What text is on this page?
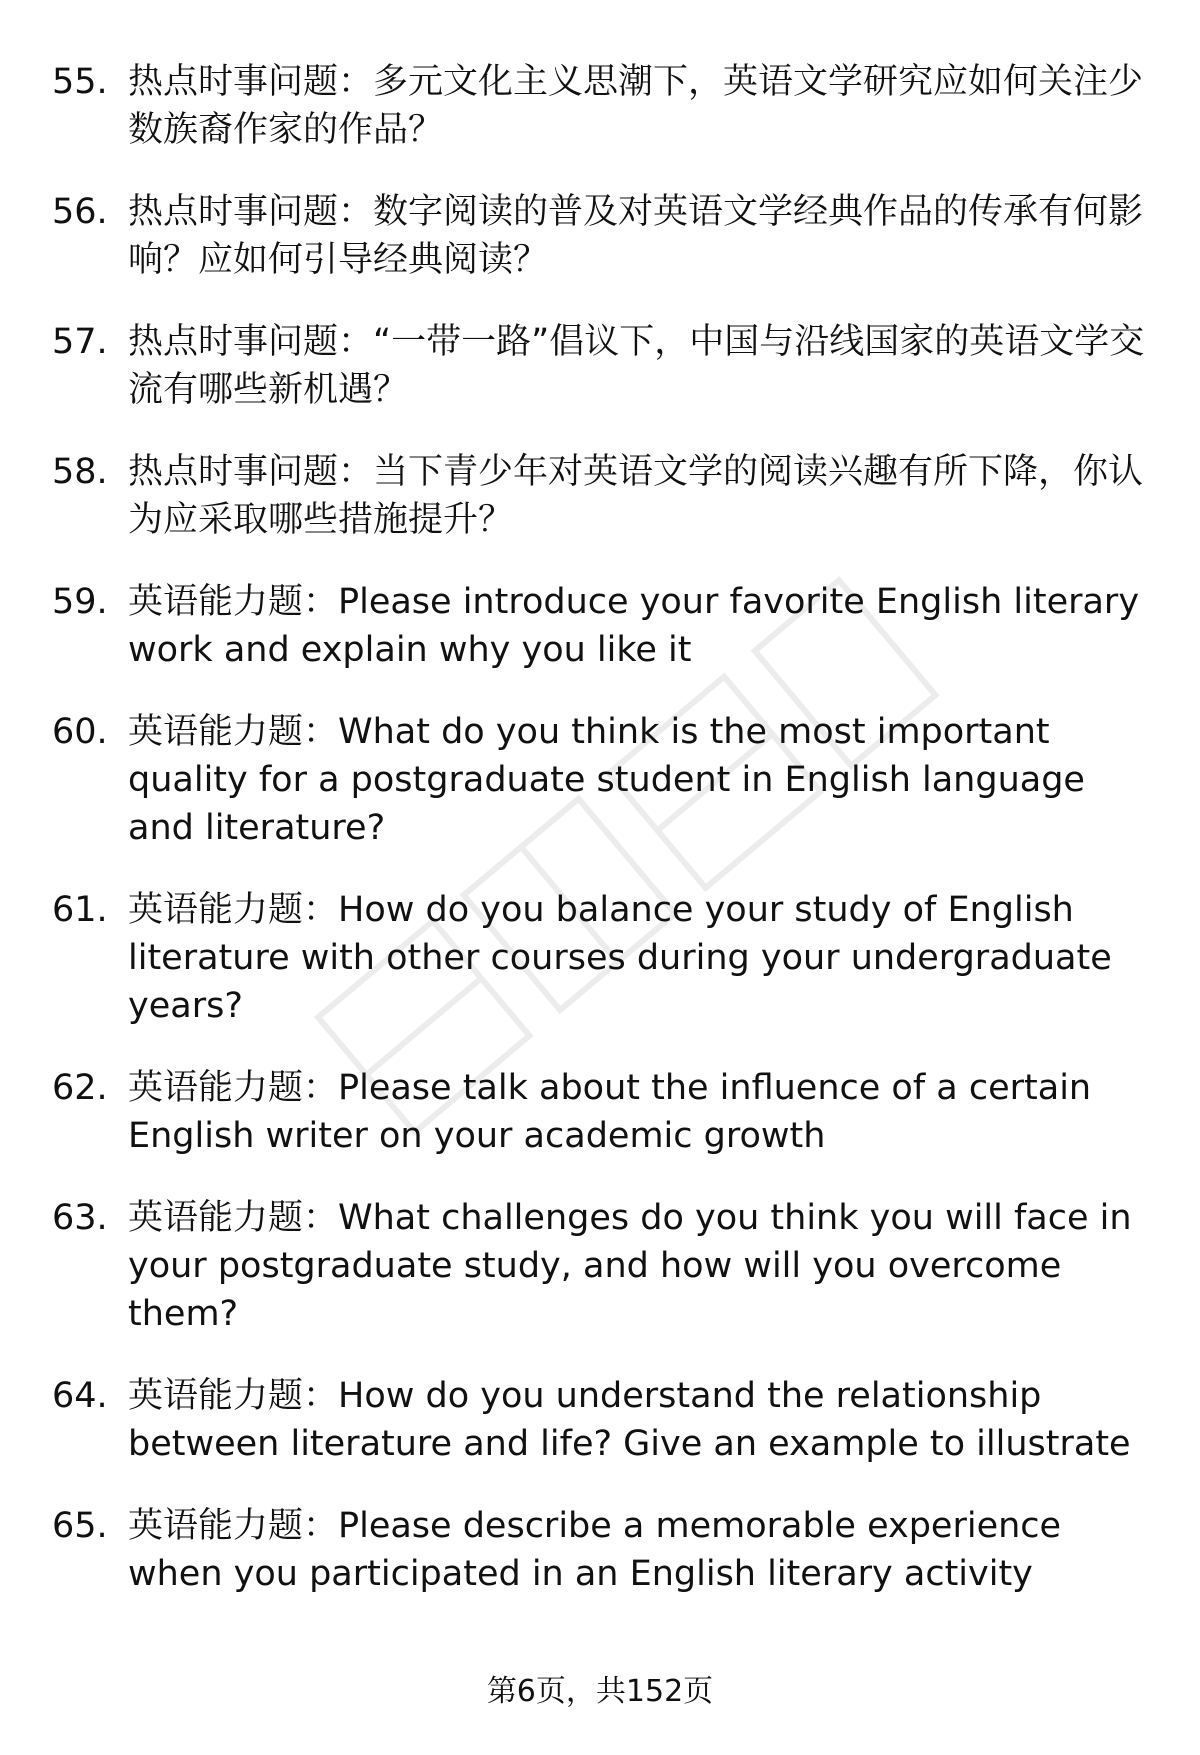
55. 热点时事问题：多元文化主义思潮下，英语文学研究应如何关注少数族裔作家的作品？
56. 热点时事问题：数字阅读的普及对英语文学经典作品的传承有何影响？应如何引导经典阅读？
57. 热点时事问题：“一带一路”倡议下，中国与沿线国家的英语文学交流有哪些新机遇？
58. 热点时事问题：当下青少年对英语文学的阅读兴趣有所下降，你认为应采取哪些措施提升？
59. 英语能力题：Please introduce your favorite English literary work and explain why you like it
60. 英语能力题：What do you think is the most important quality for a postgraduate student in English language and literature?
61. 英语能力题：How do you balance your study of English literature with other courses during your undergraduate years?
62. 英语能力题：Please talk about the influence of a certain English writer on your academic growth
63. 英语能力题：What challenges do you think you will face in your postgraduate study, and how will you overcome them?
64. 英语能力题：How do you understand the relationship between literature and life? Give an example to illustrate
65. 英语能力题：Please describe a memorable experience when you participated in an English literary activity
第6页，共152页
